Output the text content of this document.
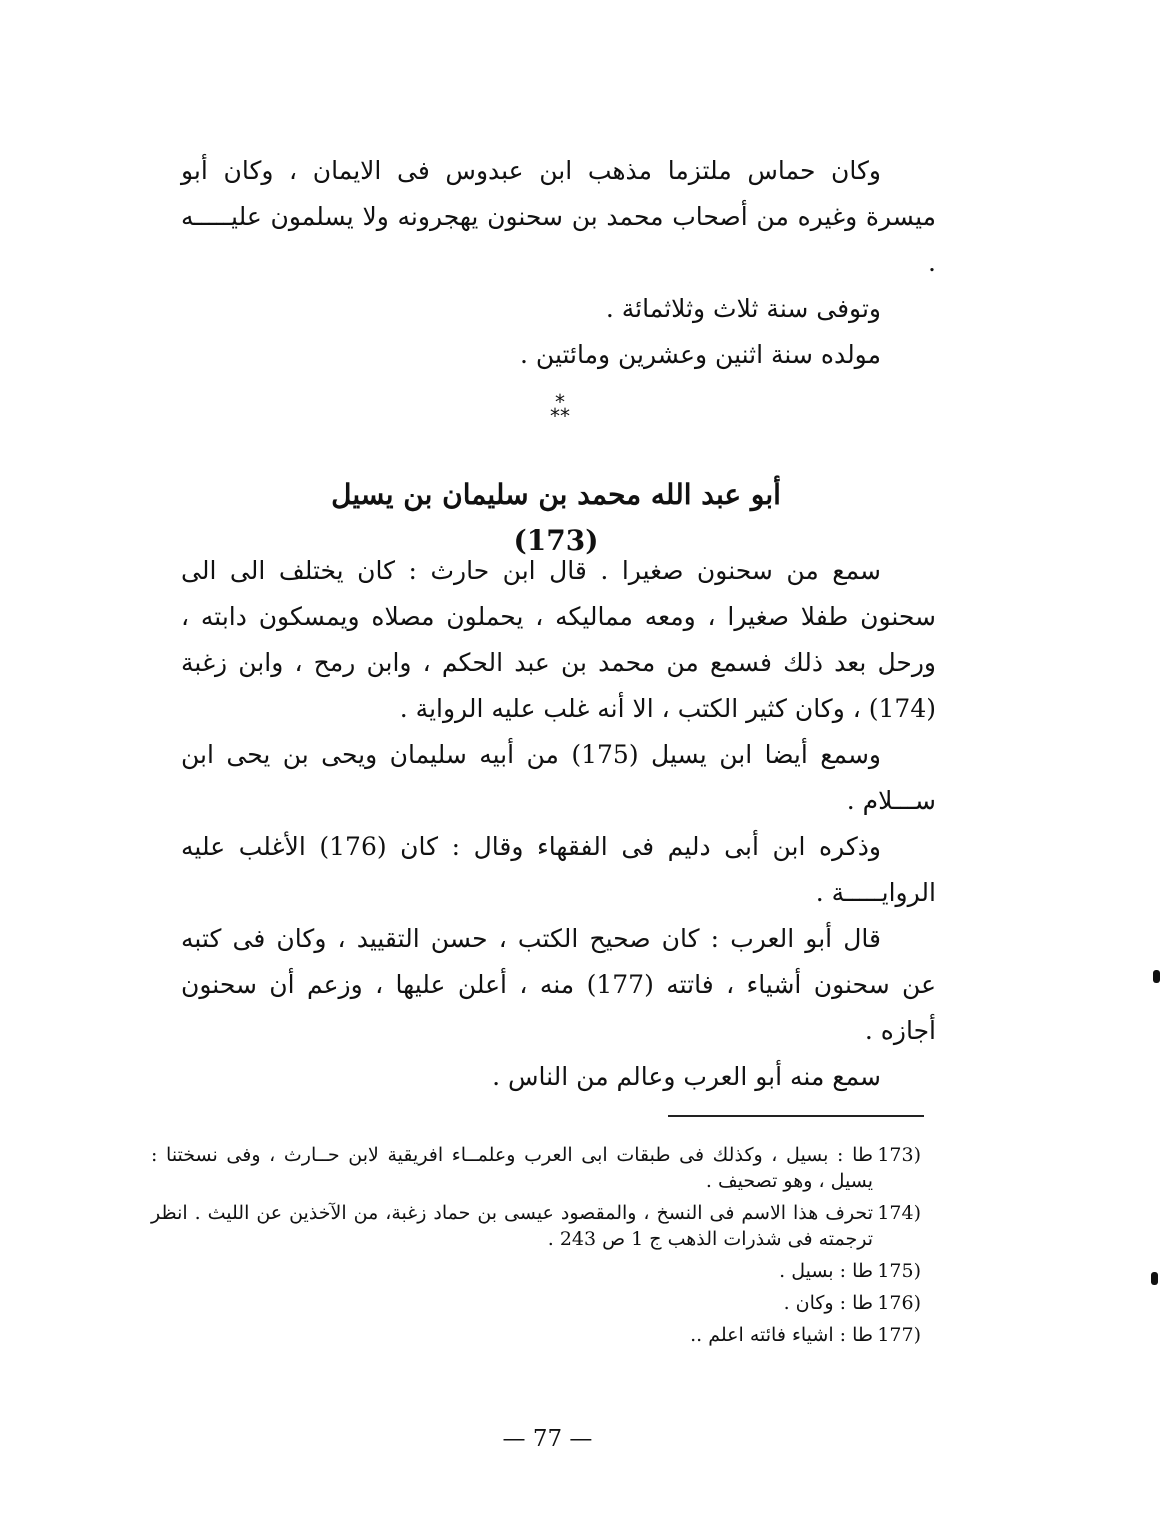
وكان حماس ملتزما مذهب ابن عبدوس فى الايمان ، وكان أبو ميسرة وغيره من أصحاب محمد بن سحنون يهجرونه ولا يسلمون عليـــــه .

وتوفى سنة ثلاث وثلاثمائة .

مولده سنة اثنين وعشرين ومائتين .

*
**
أبو عبد الله محمد بن سليمان بن يسيل (173)

سمع من سحنون صغيرا . قال ابن حارث : كان يختلف الى الى سحنون طفلا صغيرا ، ومعه مماليكه ، يحملون مصلاه ويمسكون دابته ، ورحل بعد ذلك فسمع من محمد بن عبد الحكم ، وابن رمح ، وابن زغبة (174) ، وكان كثير الكتب ، الا أنه غلب عليه الرواية .

وسمع أيضا ابن يسيل (175) من أبيه سليمان ويحى بن يحى ابن ســـلام .

وذكره ابن أبى دليم فى الفقهاء وقال : كان (176) الأغلب عليه الروايـــــة .

قال أبو العرب : كان صحيح الكتب ، حسن التقييد ، وكان فى كتبه عن سحنون أشياء ، فاتته (177) منه ، أعلن عليها ، وزعم أن سحنون أجازه .

سمع منه أبو العرب وعالم من الناس .

173)
طا : بسيل ، وكذلك فى طبقات ابى العرب وعلمــاء افريقية لابن حــارث ، وفى نسختنا : يسيل ، وهو تصحيف .
174)
تحرف هذا الاسم فى النسخ ، والمقصود عيسى بن حماد زغبة، من الآخذين عن الليث . انظر ترجمته فى شذرات الذهب ج 1 ص 243 .
175)
طا : بسيل .
176)
طا : وكان .
177)
طا : اشياء فائته اعلم ..
— 77 —
